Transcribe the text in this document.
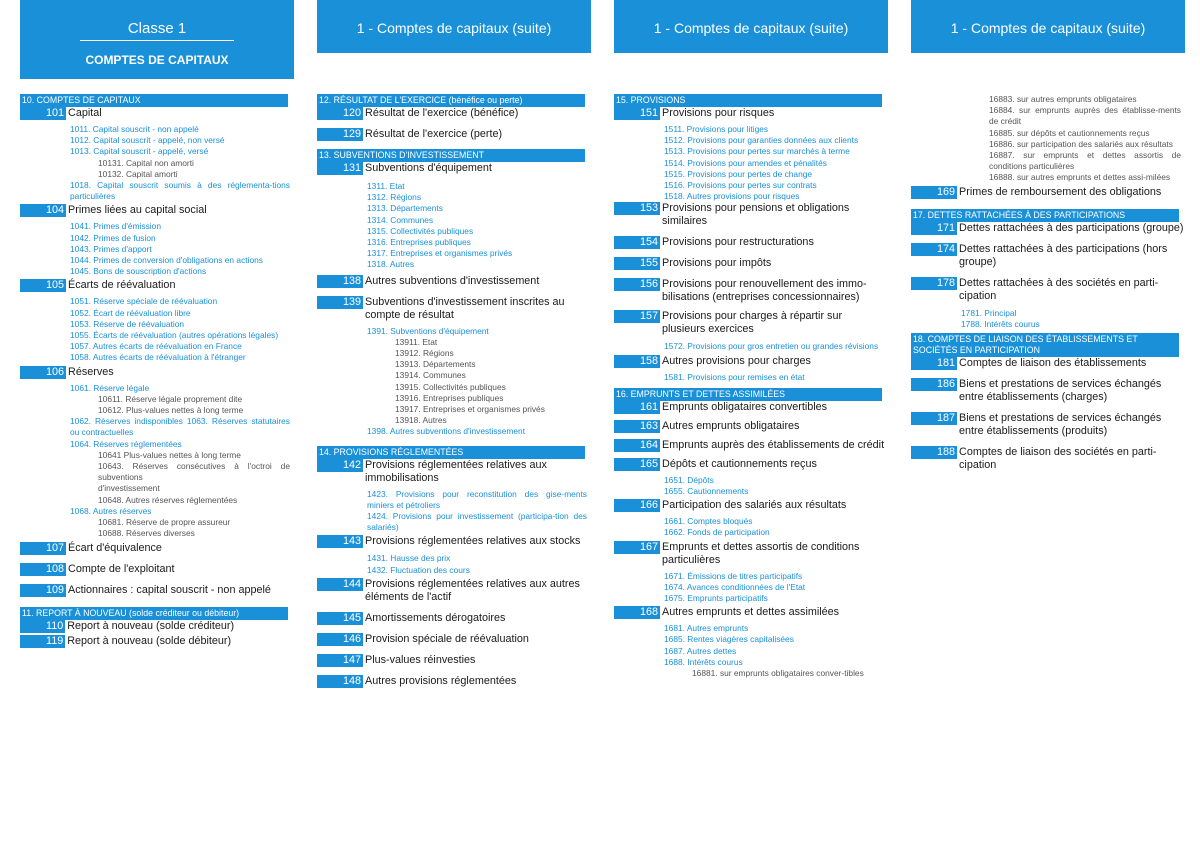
Classe 1
COMPTES DE CAPITAUX
10. COMPTES DE CAPITAUX
101 Capital
1011. Capital souscrit - non appelé
1012. Capital souscrit - appelé, non versé
1013. Capital souscrit - appelé, versé
10131. Capital non amorti
10132. Capital amorti
1018. Capital souscrit soumis à des réglementa-tions particulières
104 Primes liées au capital social
1041. Primes d'émission
1042. Primes de fusion
1043. Primes d'apport
1044. Primes de conversion d'obligations en actions
1045. Bons de souscription d'actions
105 Écarts de réévaluation
1051. Réserve spéciale de réévaluation
1052. Écart de réévaluation libre
1053. Réserve de réévaluation
1055. Écarts de réévaluation (autres opérations légales)
1057. Autres écarts de réévaluation en France
1058. Autres écarts de réévaluation à l'étranger
106 Réserves
1061. Réserve légale
10611. Réserve légale proprement dite
10612. Plus-values nettes à long terme
1062. Réserves indisponibles 1063. Réserves statutaires ou contractuelles
1064. Réserves réglementées
10641 Plus-values nettes à long terme
10643. Réserves consécutives à l'octroi de subventions
d'investissement
10648. Autres réserves réglementées
1068. Autres réserves
10681. Réserve de propre assureur
10688. Réserves diverses
107 Écart d'équivalence
108 Compte de l'exploitant
109 Actionnaires : capital souscrit - non appelé
11. REPORT À NOUVEAU (solde créditeur ou débiteur)
110 Report à nouveau (solde créditeur)
119 Report à nouveau (solde débiteur)
1 - Comptes de capitaux (suite)
12. RÉSULTAT DE L'EXERCICE (bénéfice ou perte)
120 Résultat de l'exercice (bénéfice)
129 Résultat de l'exercice (perte)
13. SUBVENTIONS D'INVESTISSEMENT
131 Subventions d'équipement
1311. Etat
1312. Régions
1313. Départements
1314. Communes
1315. Collectivités publiques
1316. Entreprises publiques
1317. Entreprises et organismes privés
1318. Autres
138 Autres subventions d'investissement
139 Subventions d'investissement inscrites au compte de résultat
1391. Subventions d'équipement
13911. Etat
13912. Régions
13913. Départements
13914. Communes
13915. Collectivités publiques
13916. Entreprises publiques
13917. Entreprises et organismes privés
13918. Autres
1398. Autres subventions d'investissement
14. PROVISIONS RÉGLEMENTÉES
142 Provisions réglementées relatives aux immobilisations
1423. Provisions pour reconstitution des gise-ments miniers et pétroliers
1424. Provisions pour investissement (participa-tion des salariés)
143 Provisions réglementées relatives aux stocks
1431. Hausse des prix
1432. Fluctuation des cours
144 Provisions réglementées relatives aux autres éléments de l'actif
145 Amortissements dérogatoires
146 Provision spéciale de réévaluation
147 Plus-values réinvesties
148 Autres provisions réglementées
1 - Comptes de capitaux (suite)
15. PROVISIONS
151 Provisions pour risques
1511. Provisions pour litiges
1512. Provisions pour garanties données aux clients
1513. Provisions pour pertes sur marchés à terme
1514. Provisions pour amendes et pénalités
1515. Provisions pour pertes de change
1516. Provisions pour pertes sur contrats
1518. Autres provisions pour risques
153 Provisions pour pensions et obligations similaires
154 Provisions pour restructurations
155 Provisions pour impôts
156 Provisions pour renouvellement des immo-bilisations (entreprises concessionnaires)
157 Provisions pour charges à répartir sur plusieurs exercices
1572. Provisions pour gros entretien ou grandes révisions
158 Autres provisions pour charges
1581. Provisions pour remises en état
16. EMPRUNTS ET DETTES ASSIMILÉES
161 Emprunts obligataires convertibles
163 Autres emprunts obligataires
164 Emprunts auprès des établissements de crédit
165 Dépôts et cautionnements reçus
1651. Dépôts
1655. Cautionnements
166 Participation des salariés aux résultats
1661. Comptes bloqués
1662. Fonds de participation
167 Emprunts et dettes assortis de conditions particulières
1671. Émissions de titres participatifs
1674. Avances conditionnées de l'Etat
1675. Emprunts participatifs
168 Autres emprunts et dettes assimilées
1681. Autres emprunts
1685. Rentes viagères capitalisées
1687. Autres dettes
1688. Intérêts courus
16881. sur emprunts obligataires conver-tibles
1 - Comptes de capitaux (suite)
16883. sur autres emprunts obligataires
16884. sur emprunts auprès des établisse-ments de crédit
16885. sur dépôts et cautionnements reçus
16886. sur participation des salariés aux résultats
16887. sur emprunts et dettes assortis de conditions particulières
16888. sur autres emprunts et dettes assi-milées
169 Primes de remboursement des obligations
17. DETTES RATTACHÉES À DES PARTICIPATIONS
171 Dettes rattachées à des participations (groupe)
174 Dettes rattachées à des participations (hors groupe)
178 Dettes rattachées à des sociétés en parti-cipation
1781. Principal
1788. Intérêts courus
18. COMPTES DE LIAISON DES ÉTABLISSEMENTS ET SOCIÉTÉS EN PARTICIPATION
181 Comptes de liaison des établissements
186 Biens et prestations de services échangés entre établissements (charges)
187 Biens et prestations de services échangés entre établissements (produits)
188 Comptes de liaison des sociétés en parti-cipation
